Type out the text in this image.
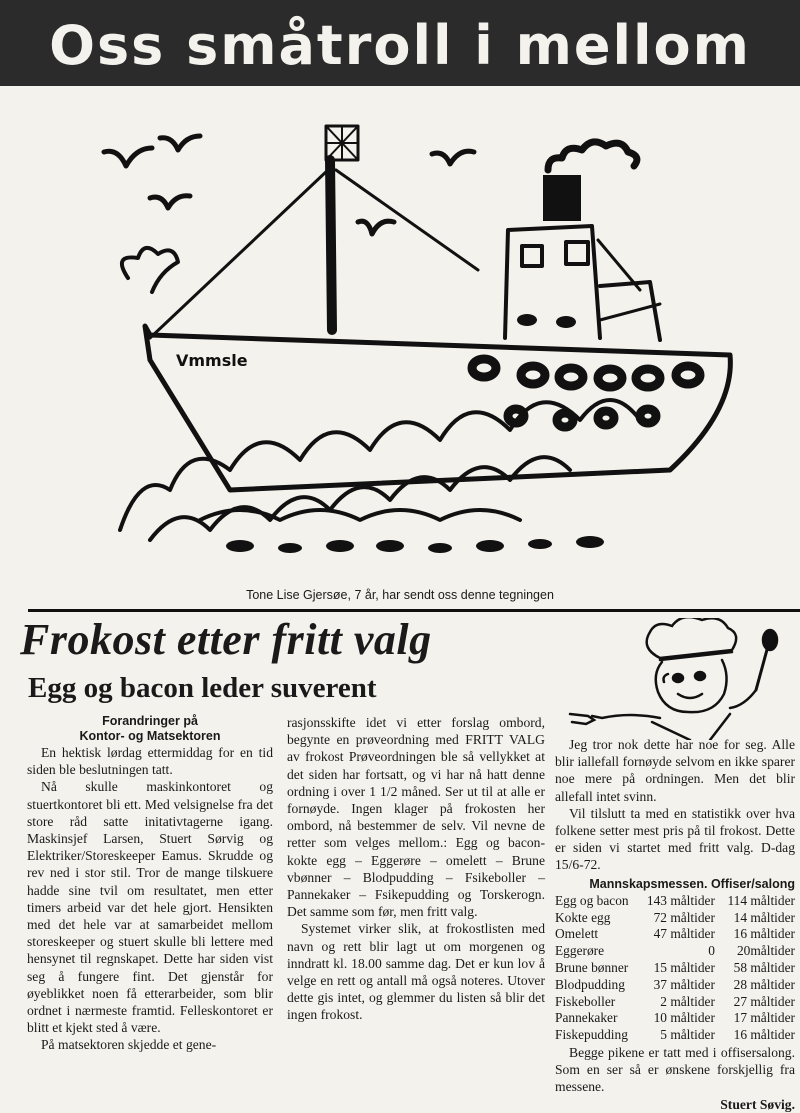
Oss småtroll i mellom
Vmmsle
Tone Lise Gjersøe, 7 år, har sendt oss denne tegningen
Frokost etter fritt valg
Egg og bacon leder suverent
Forandringer på
Kontor- og Matsektoren

En hektisk lørdag ettermiddag for en tid siden ble beslutningen tatt.

Nå skulle maskinkontoret og stuertkontoret bli ett. Med velsignelse fra det store råd satte initativtagerne igang. Maskinsjef Larsen, Stuert Sørvig og Elektriker/Storeskeeper Eamus. Skrudde og rev ned i stor stil. Tror de mange tilskuere hadde sine tvil om resultatet, men etter timers arbeid var det hele gjort. Hensikten med det hele var at samarbeidet mellom storeskeeper og stuert skulle bli lettere med hensynet til regnskapet. Dette har siden vist seg å fungere fint. Det gjenstår for øyeblikket noen få etterarbeider, som blir ordnet i nærmeste framtid. Felleskontoret er blitt et kjekt sted å være.

På matsektoren skjedde et gene-

rasjonsskifte idet vi etter forslag ombord, begynte en prøveordning med FRITT VALG av frokost Prøveordningen ble så vellykket at det siden har fortsatt, og vi har nå hatt denne ordning i over 1 1/2 måned. Ser ut til at alle er fornøyde. Ingen klager på frokosten her ombord, nå bestemmer de selv. Vil nevne de retter som velges mellom.: Egg og bacon- kokte egg – Eggerøre – omelett – Brune vbønner – Blodpudding – Fsikeboller – Pannekaker – Fsikepudding og Torskerogn. Det samme som før, men fritt valg.

Systemet virker slik, at frokostlisten med navn og rett blir lagt ut om morgenen og inndratt kl. 18.00 samme dag. Det er kun lov å velge en rett og antall må også noteres. Utover dette gis intet, og glemmer du listen så blir det ingen frokost.

Jeg tror nok dette har noe for seg. Alle blir iallefall fornøyde selvom en ikke sparer noe mere på ordningen. Men det blir allefall intet svinn.

Vil tilslutt ta med en statistikk over hva folkene setter mest pris på til frokost. Dette er siden vi startet med fritt valg. D-dag 15/6-72.

Mannskapsmessen. Offiser/salong
Egg og bacon	143 måltider	114 måltider
Kokte egg	72 måltider	14 måltider
Omelett	47 måltider	16 måltider
Eggerøre	0	20måltider
Brune bønner	15 måltider	58 måltider
Blodpudding	37 måltider	28 måltider
Fiskeboller	2 måltider	27 måltider
Pannekaker	10 måltider	17 måltider
Fiskepudding	5 måltider	16 måltider

Begge pikene er tatt med i offisersalong. Som en ser så er ønskene forskjellig fra messene.

Stuert Søvig.
